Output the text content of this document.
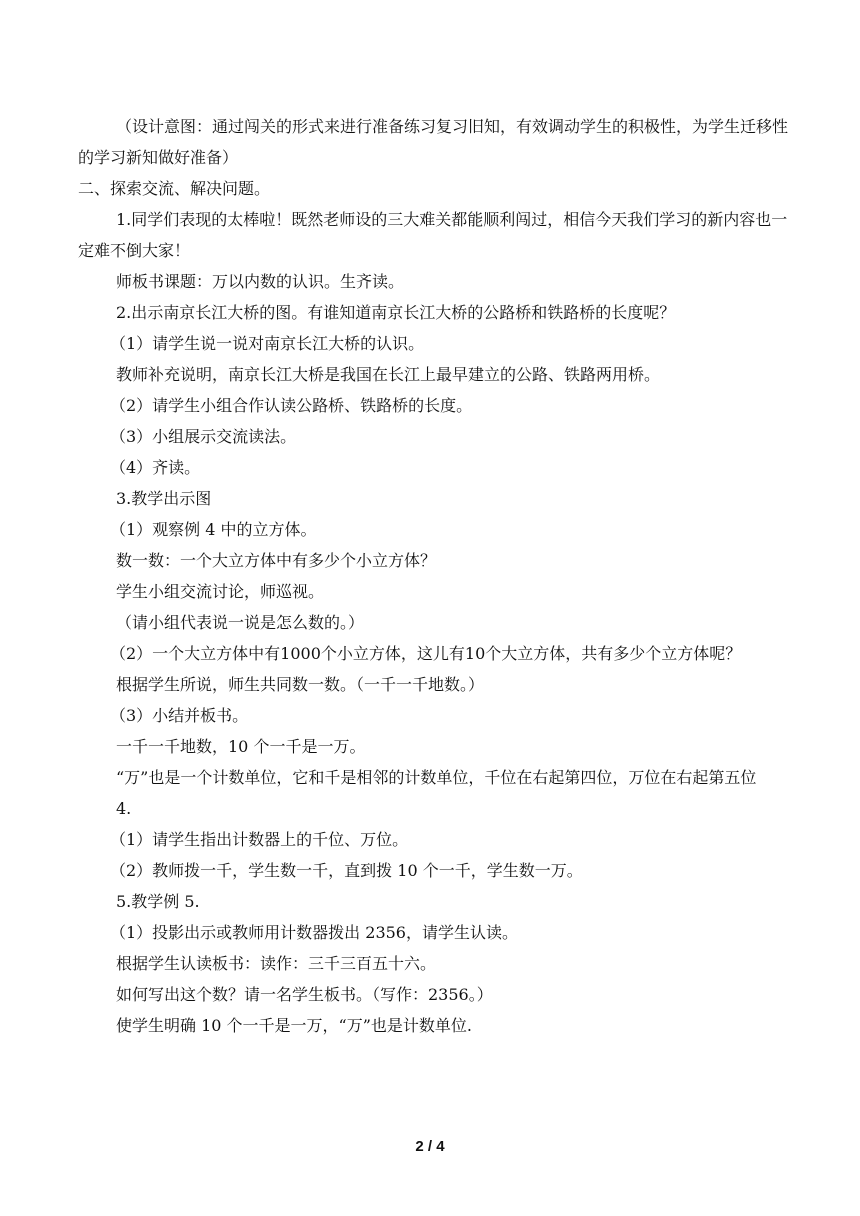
（设计意图：通过闯关的形式来进行准备练习复习旧知，有效调动学生的积极性，为学生迁移性的学习新知做好准备）

二、探索交流、解决问题。

1.同学们表现的太棒啦！既然老师设的三大难关都能顺利闯过，相信今天我们学习的新内容也一定难不倒大家！

师板书课题：万以内数的认识。生齐读。

2.出示南京长江大桥的图。有谁知道南京长江大桥的公路桥和铁路桥的长度呢？

（1）请学生说一说对南京长江大桥的认识。

教师补充说明，南京长江大桥是我国在长江上最早建立的公路、铁路两用桥。

（2）请学生小组合作认读公路桥、铁路桥的长度。

（3）小组展示交流读法。

（4）齐读。

3.教学出示图

（1）观察例 4 中的立方体。

数一数：一个大立方体中有多少个小立方体？

学生小组交流讨论，师巡视。

（请小组代表说一说是怎么数的。）

（2）一个大立方体中有1000个小立方体，这儿有10个大立方体，共有多少个立方体呢？

根据学生所说，师生共同数一数。（一千一千地数。）

（3）小结并板书。

一千一千地数，10 个一千是一万。

“万”也是一个计数单位，它和千是相邻的计数单位，千位在右起第四位，万位在右起第五位

4.

（1）请学生指出计数器上的千位、万位。

（2）教师拨一千，学生数一千，直到拨 10 个一千，学生数一万。

5.教学例 5.

（1）投影出示或教师用计数器拨出 2356，请学生认读。

根据学生认读板书：读作：三千三百五十六。

如何写出这个数？请一名学生板书。（写作：2356。）

使学生明确 10 个一千是一万，“万”也是计数单位.

2 / 4
